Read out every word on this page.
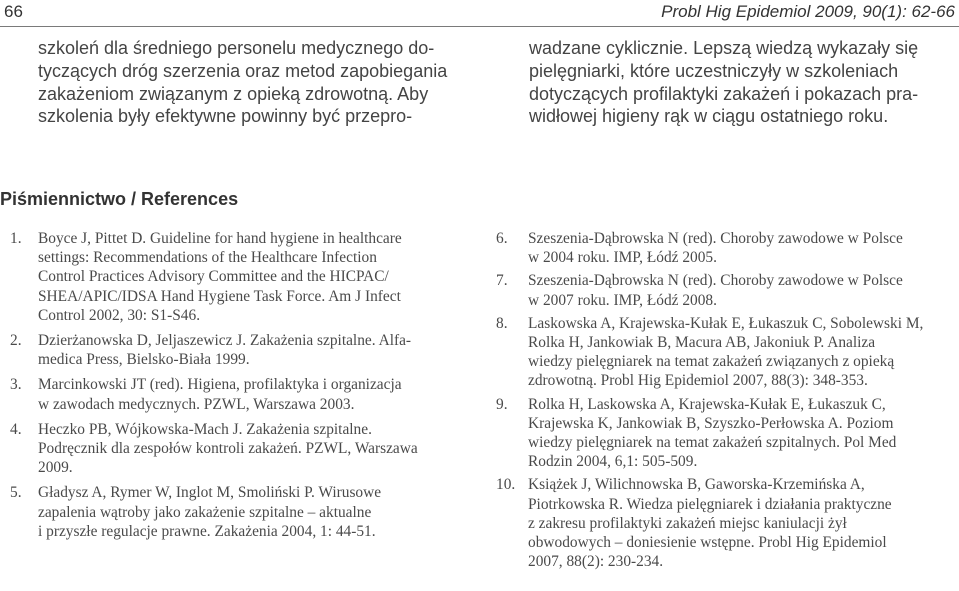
66	Probl Hig Epidemiol 2009, 90(1): 62-66
szkoleń dla średniego personelu medycznego do-
tyczących dróg szerzenia oraz metod zapobiegania
zakażeniom związanym z opieką zdrowotną. Aby
szkolenia były efektywne powinny być przepro-
wadzane cyklicznie. Lepszą wiedzą wykazały się
pielęgniarki, które uczestniczyły w szkoleniach
dotyczących profilaktyki zakażeń i pokazach pra-
widłowej higieny rąk w ciągu ostatniego roku.
Piśmiennictwo / References
1. Boyce J, Pittet D. Guideline for hand hygiene in healthcare
settings: Recommendations of the Healthcare Infection
Control Practices Advisory Committee and the HICPAC/
SHEA/APIC/IDSA Hand Hygiene Task Force. Am J Infect
Control 2002, 30: S1-S46.
2. Dzierżanowska D, Jeljaszewicz J. Zakażenia szpitalne. Alfa-
medica Press, Bielsko-Biała 1999.
3. Marcinkowski JT (red). Higiena, profilaktyka i organizacja
w zawodach medycznych. PZWL, Warszawa 2003.
4. Heczko PB, Wójkowska-Mach J. Zakażenia szpitalne.
Podręcznik dla zespołów kontroli zakażeń. PZWL, Warszawa
2009.
5. Gładysz A, Rymer W, Inglot M, Smoliński P. Wirusowe
zapalenia wątroby jako zakażenie szpitalne – aktualne
i przyszłe regulacje prawne. Zakażenia 2004, 1: 44-51.
6. Szeszenia-Dąbrowska N (red). Choroby zawodowe w Polsce
w 2004 roku. IMP, Łódź 2005.
7. Szeszenia-Dąbrowska N (red). Choroby zawodowe w Polsce
w 2007 roku. IMP, Łódź 2008.
8. Laskowska A, Krajewska-Kułak E, Łukaszuk C, Sobolewski M,
Rolka H, Jankowiak B, Macura AB, Jakoniuk P. Analiza
wiedzy pielęgniarek na temat zakażeń związanych z opieką
zdrowotną. Probl Hig Epidemiol 2007, 88(3): 348-353.
9. Rolka H, Laskowska A, Krajewska-Kułak E, Łukaszuk C,
Krajewska K, Jankowiak B, Szyszko-Perłowska A. Poziom
wiedzy pielęgniarek na temat zakażeń szpitalnych. Pol Med
Rodzin 2004, 6,1: 505-509.
10. Książek J, Wilichnowska B, Gaworska-Krzemińska A,
Piotrkowska R. Wiedza pielęgniarek i działania praktyczne
z zakresu profilaktyki zakażeń miejsc kaniulacji żył
obwodowych – doniesienie wstępne. Probl Hig Epidemiol
2007, 88(2): 230-234.
